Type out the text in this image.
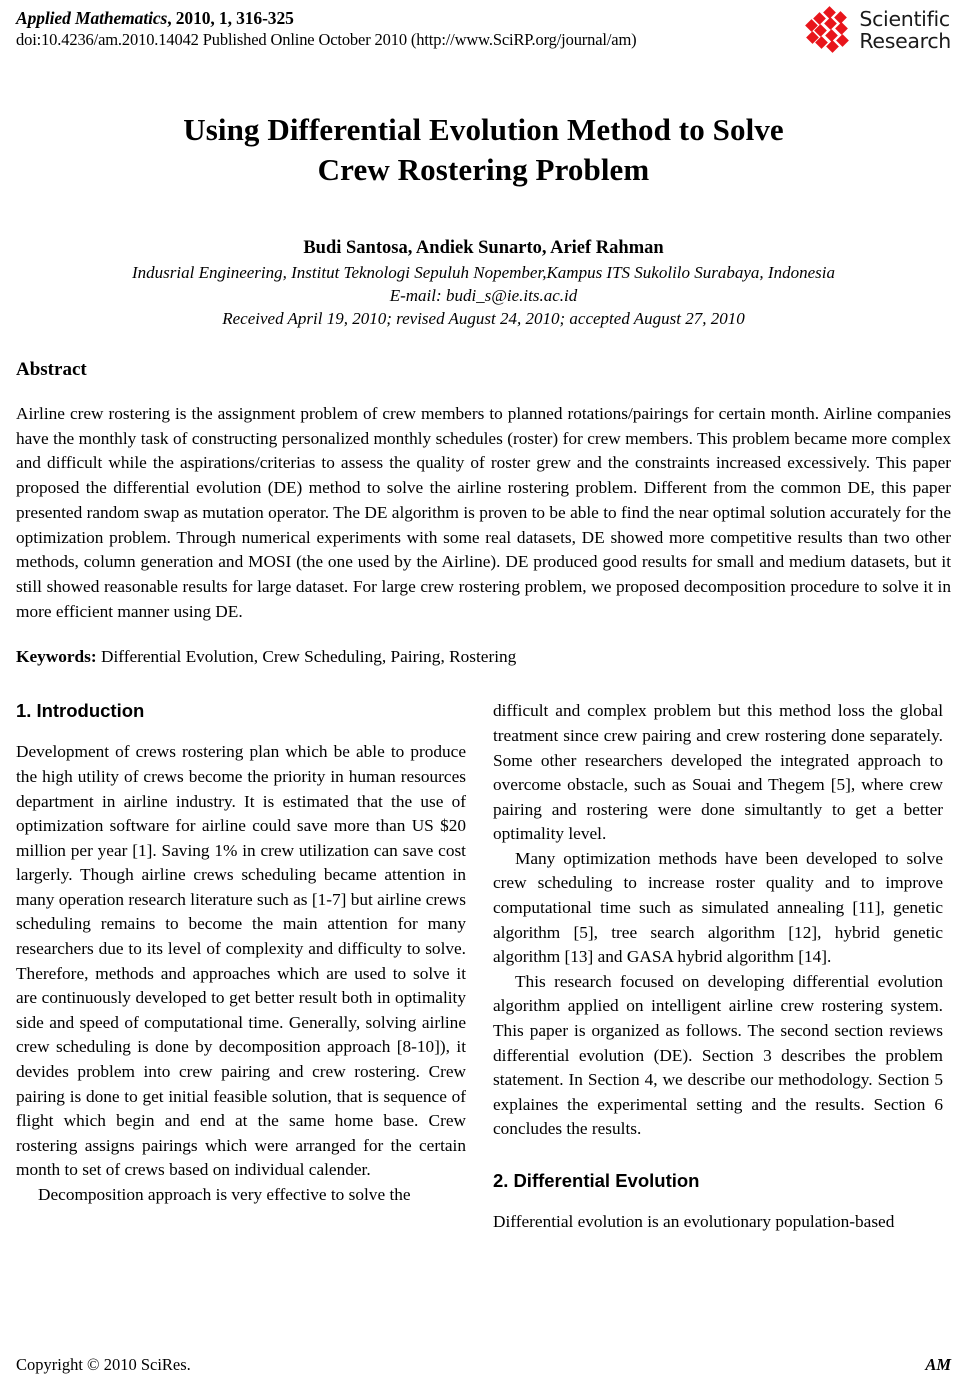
Applied Mathematics, 2010, 1, 316-325
doi:10.4236/am.2010.14042 Published Online October 2010 (http://www.SciRP.org/journal/am)
Scientific
Research
Using Differential Evolution Method to Solve
Crew Rostering Problem
Budi Santosa, Andiek Sunarto, Arief Rahman
Indusrial Engineering, Institut Teknologi Sepuluh Nopember,Kampus ITS Sukolilo Surabaya, Indonesia
E-mail: budi_s@ie.its.ac.id
Received April 19, 2010; revised August 24, 2010; accepted August 27, 2010
Abstract
Airline crew rostering is the assignment problem of crew members to planned rotations/pairings for certain month. Airline companies have the monthly task of constructing personalized monthly schedules (roster) for crew members. This problem became more complex and difficult while the aspirations/criterias to assess the quality of roster grew and the constraints increased excessively. This paper proposed the differential evolution (DE) method to solve the airline rostering problem. Different from the common DE, this paper presented random swap as mutation operator. The DE algorithm is proven to be able to find the near optimal solution accurately for the optimization problem. Through numerical experiments with some real datasets, DE showed more competitive results than two other methods, column generation and MOSI (the one used by the Airline). DE produced good results for small and medium datasets, but it still showed reasonable results for large dataset. For large crew rostering problem, we proposed decomposition procedure to solve it in more efficient manner using DE.
Keywords: Differential Evolution, Crew Scheduling, Pairing, Rostering
1. Introduction

Development of crews rostering plan which be able to produce the high utility of crews become the priority in human resources department in airline industry. It is estimated that the use of optimization software for airline could save more than US $20 million per year [1]. Saving 1% in crew utilization can save cost largerly. Though airline crews scheduling became attention in many operation research literature such as [1-7] but airline crews scheduling remains to become the main attention for many researchers due to its level of complexity and difficulty to solve. Therefore, methods and approaches which are used to solve it are continuously developed to get better result both in optimality side and speed of computational time. Generally, solving airline crew scheduling is done by decomposition approach [8-10]), it devides problem into crew pairing and crew rostering. Crew pairing is done to get initial feasible solution, that is sequence of flight which begin and end at the same home base. Crew rostering assigns pairings which were arranged for the certain month to set of crews based on individual calender.

Decomposition approach is very effective to solve the

difficult and complex problem but this method loss the global treatment since crew pairing and crew rostering done separately. Some other researchers developed the integrated approach to overcome obstacle, such as Souai and Thegem [5], where crew pairing and rostering were done simultantly to get a better optimality level.

Many optimization methods have been developed to solve crew scheduling to increase roster quality and to improve computational time such as simulated annealing [11], genetic algorithm [5], tree search algorithm [12], hybrid genetic algorithm [13] and GASA hybrid algorithm [14].

This research focused on developing differential evolution algorithm applied on intelligent airline crew rostering system. This paper is organized as follows. The second section reviews differential evolution (DE). Section 3 describes the problem statement. In Section 4, we describe our methodology. Section 5 explaines the experimental setting and the results. Section 6 concludes the results.

2. Differential Evolution

Differential evolution is an evolutionary population-based

Copyright © 2010 SciRes.	AM
